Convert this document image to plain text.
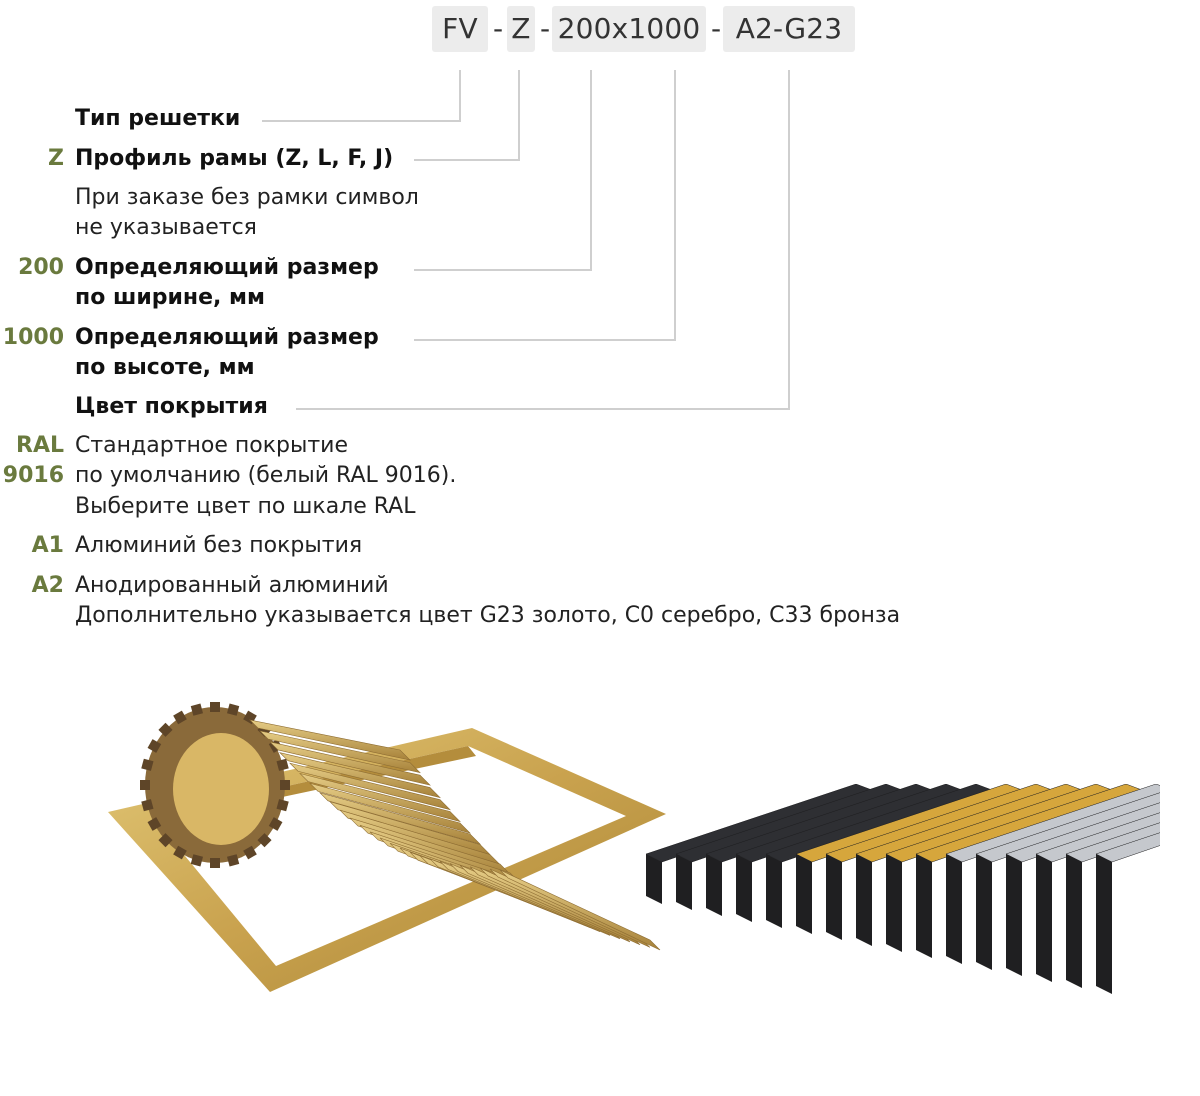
FV - Z - 200x1000 - A2-G23
Тип решетки
Z Профиль рамы (Z, L, F, J)
При заказе без рамки символ
не указывается
200 Определяющий размер
по ширине, мм
1000 Определяющий размер
по высоте, мм
Цвет покрытия
RAL
9016
Стандартное покрытие
по умолчанию (белый RAL 9016).
Выберите цвет по шкале RAL
A1 Алюминий без покрытия
A2 Анодированный алюминий
Дополнительно указывается цвет G23 золото, C0 серебро, C33 бронза
